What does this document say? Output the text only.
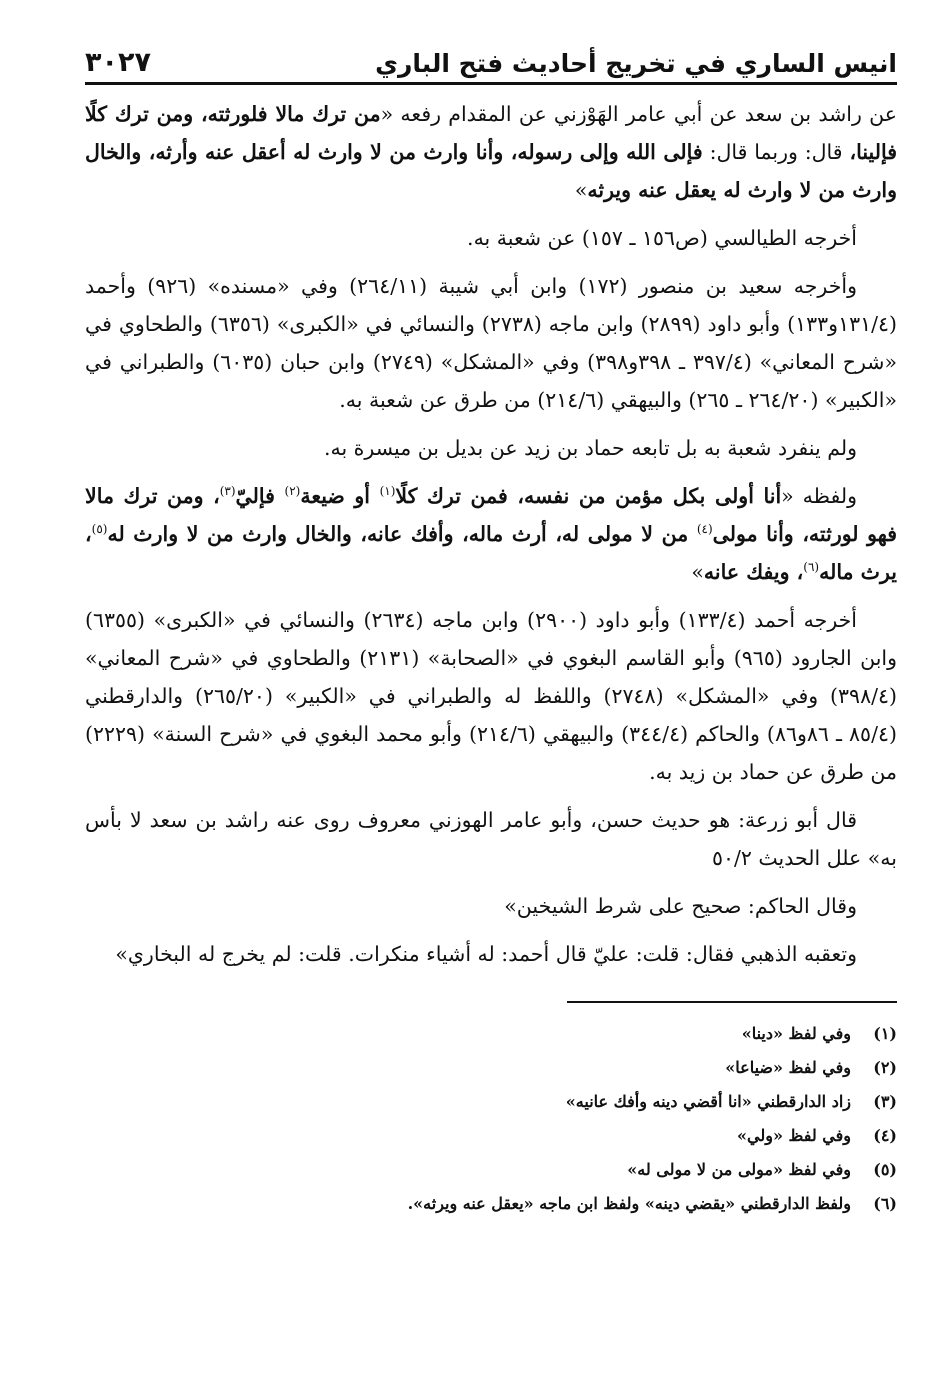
انيس الساري في تخريج أحاديث فتح الباري
٣٠٢٧

عن راشد بن سعد عن أبي عامر الهَوْزني عن المقدام رفعه «من ترك مالا فلورثته، ومن ترك كلًا فإلينا، قال: وربما قال: فإلى الله وإلى رسوله، وأنا وارث من لا وارث له أعقل عنه وأرثه، والخال وارث من لا وارث له يعقل عنه ويرثه»

أخرجه الطيالسي (ص١٥٦ ـ ١٥٧) عن شعبة به.

وأخرجه سعيد بن منصور (١٧٢) وابن أبي شيبة (٢٦٤/١١) وفي «مسنده» (٩٢٦) وأحمد (١٣١/٤و١٣٣) وأبو داود (٢٨٩٩) وابن ماجه (٢٧٣٨) والنسائي في «الكبرى» (٦٣٥٦) والطحاوي في «شرح المعاني» (٣٩٧/٤ ـ ٣٩٨و٣٩٨) وفي «المشكل» (٢٧٤٩) وابن حبان (٦٠٣٥) والطبراني في «الكبير» (٢٦٤/٢٠ ـ ٢٦٥) والبيهقي (٢١٤/٦) من طرق عن شعبة به.

ولم ينفرد شعبة به بل تابعه حماد بن زيد عن بديل بن ميسرة به.

ولفظه «أنا أولى بكل مؤمن من نفسه، فمن ترك كلًا$^{(١)}$ أو ضيعة$^{(٢)}$ فإليّ$^{(٣)}$، ومن ترك مالا فهو لورثته، وأنا مولى$^{(٤)}$ من لا مولى له، أرث ماله، وأفك عانه، والخال وارث من لا وارث له$^{(٥)}$، يرث ماله$^{(٦)}$، ويفك عانه»

أخرجه أحمد (١٣٣/٤) وأبو داود (٢٩٠٠) وابن ماجه (٢٦٣٤) والنسائي في «الكبرى» (٦٣٥٥) وابن الجارود (٩٦٥) وأبو القاسم البغوي في «الصحابة» (٢١٣١) والطحاوي في «شرح المعاني» (٣٩٨/٤) وفي «المشكل» (٢٧٤٨) واللفظ له والطبراني في «الكبير» (٢٦٥/٢٠) والدارقطني (٨٥/٤ ـ ٨٦و٨٦) والحاكم (٣٤٤/٤) والبيهقي (٢١٤/٦) وأبو محمد البغوي في «شرح السنة» (٢٢٢٩) من طرق عن حماد بن زيد به.

قال أبو زرعة: هو حديث حسن، وأبو عامر الهوزني معروف روى عنه راشد بن سعد لا بأس به» علل الحديث ٥٠/٢

وقال الحاكم: صحيح على شرط الشيخين»

وتعقبه الذهبي فقال: قلت: عليّ قال أحمد: له أشياء منكرات. قلت: لم يخرج له البخاري»

(١)
وفي لفظ «دينا»
(٢)
وفي لفظ «ضياعا»
(٣)
زاد الدارقطني «انا أقضي دينه وأفك عانيه»
(٤)
وفي لفظ «ولي»
(٥)
وفي لفظ «مولى من لا مولى له»
(٦)
ولفظ الدارقطني «يقضي دينه» ولفظ ابن ماجه «يعقل عنه ويرثه».
